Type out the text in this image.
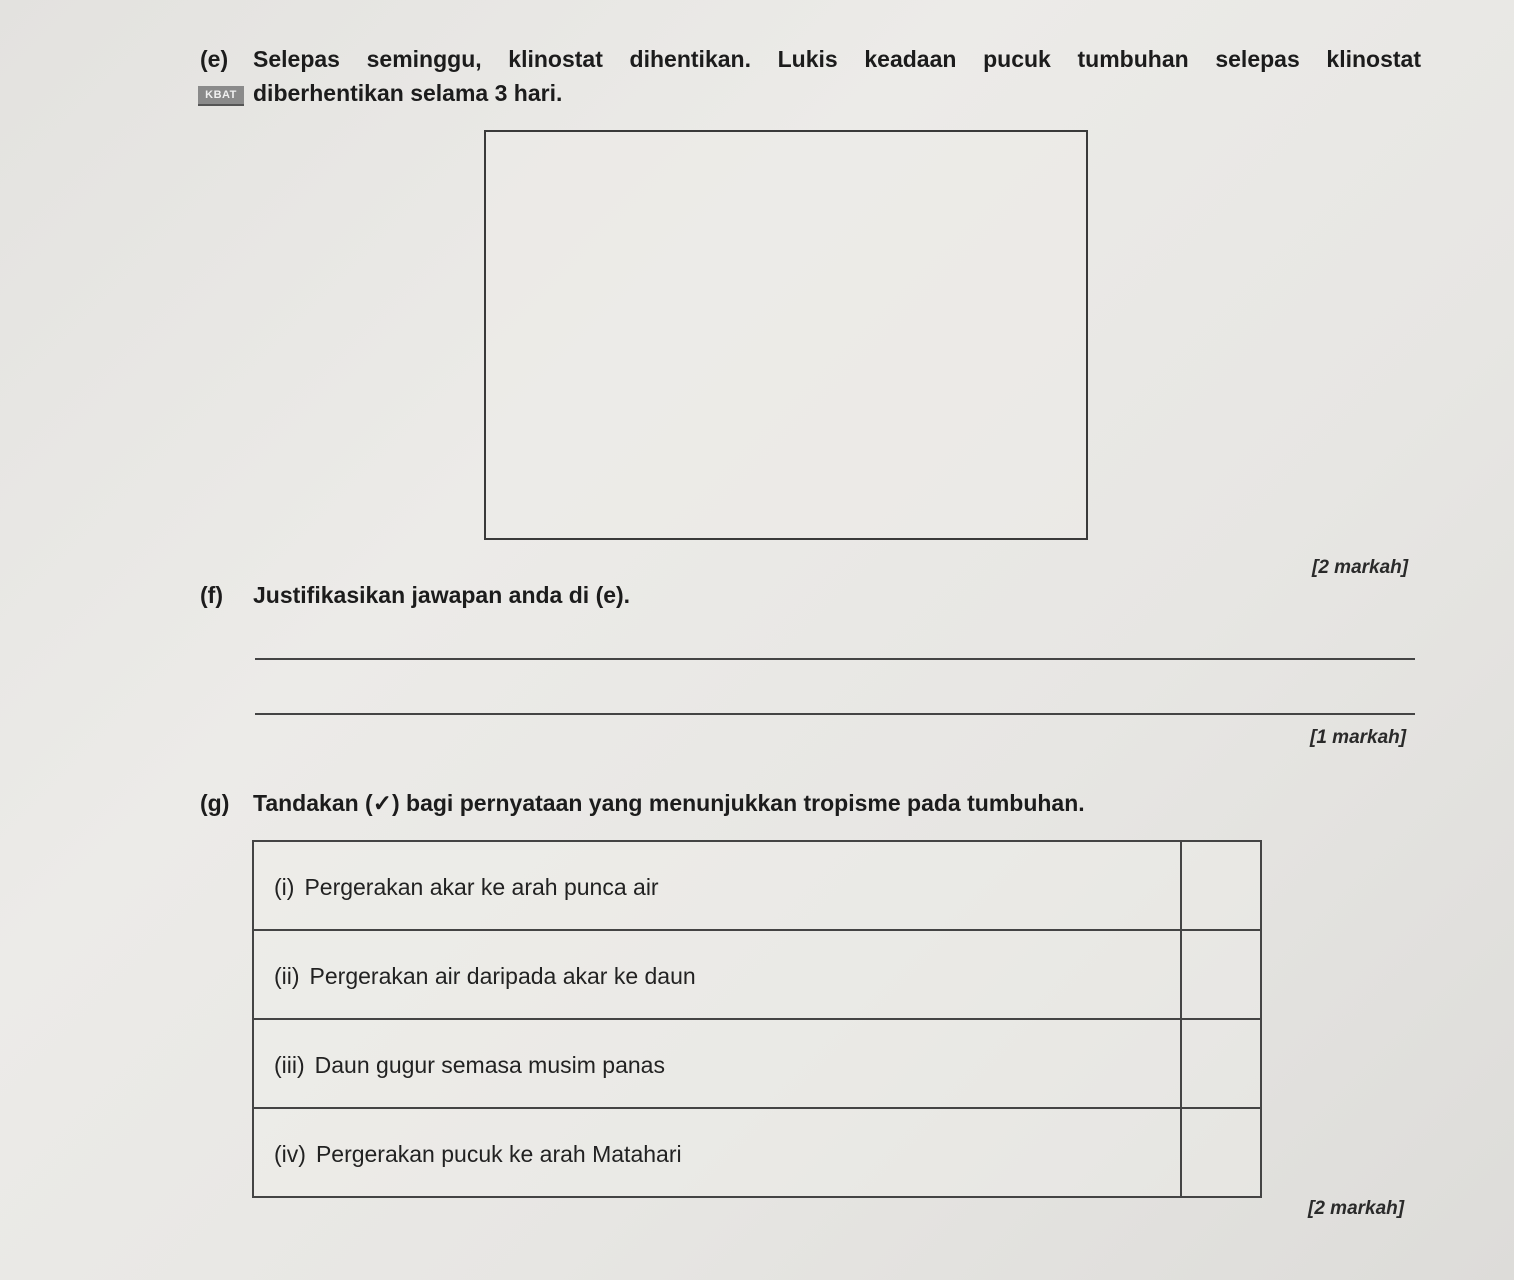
(e) Selepas seminggu, klinostat dihentikan. Lukis keadaan pucuk tumbuhan selepas klinostat
KBAT diberhentikan selama 3 hari.
[2 markah]
(f) Justifikasikan jawapan anda di (e).
[1 markah]
(g) Tandakan (✓) bagi pernyataan yang menunjukkan tropisme pada tumbuhan.
(i) Pergerakan akar ke arah punca air	
(ii) Pergerakan air daripada akar ke daun	
(iii) Daun gugur semasa musim panas	
(iv) Pergerakan pucuk ke arah Matahari	
[2 markah]
